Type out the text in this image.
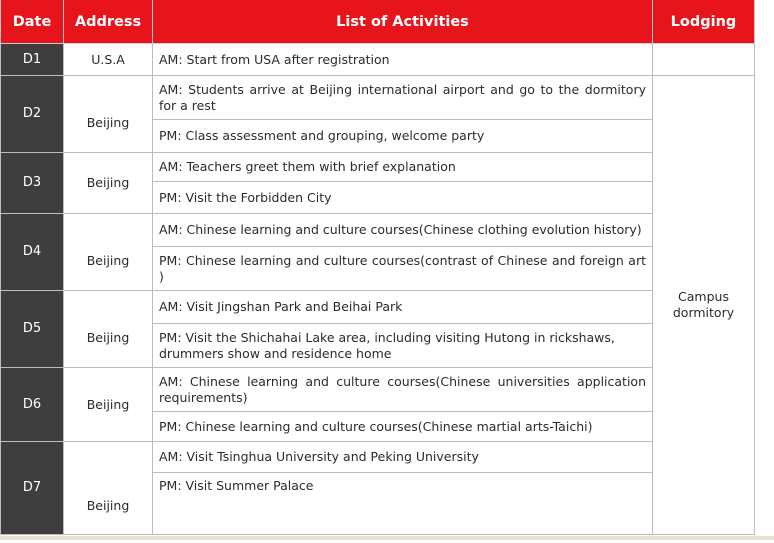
Date	Address	List of Activities	Lodging
D1	U.S.A	AM: Start from USA after registration	
D2	Beijing	AM: Students arrive at Beijing international airport and go to the dormitory for a rest	Campus
dormitory
		PM: Class assessment and grouping, welcome party	
D3	Beijing	AM: Teachers greet them with brief explanation	
		PM: Visit the Forbidden City	
D4	Beijing	AM: Chinese learning and culture courses(Chinese clothing evolution history)	
		PM: Chinese learning and culture courses(contrast of Chinese and foreign art )	
D5	Beijing	AM: Visit Jingshan Park and Beihai Park	
		PM: Visit the Shichahai Lake area, including visiting Hutong in rickshaws, drummers show and residence home	
D6	Beijing	AM: Chinese learning and culture courses(Chinese universities application requirements)	
		PM: Chinese learning and culture courses(Chinese martial arts-Taichi)	
D7	Beijing	AM: Visit Tsinghua University and Peking University	
		PM: Visit Summer Palace	
